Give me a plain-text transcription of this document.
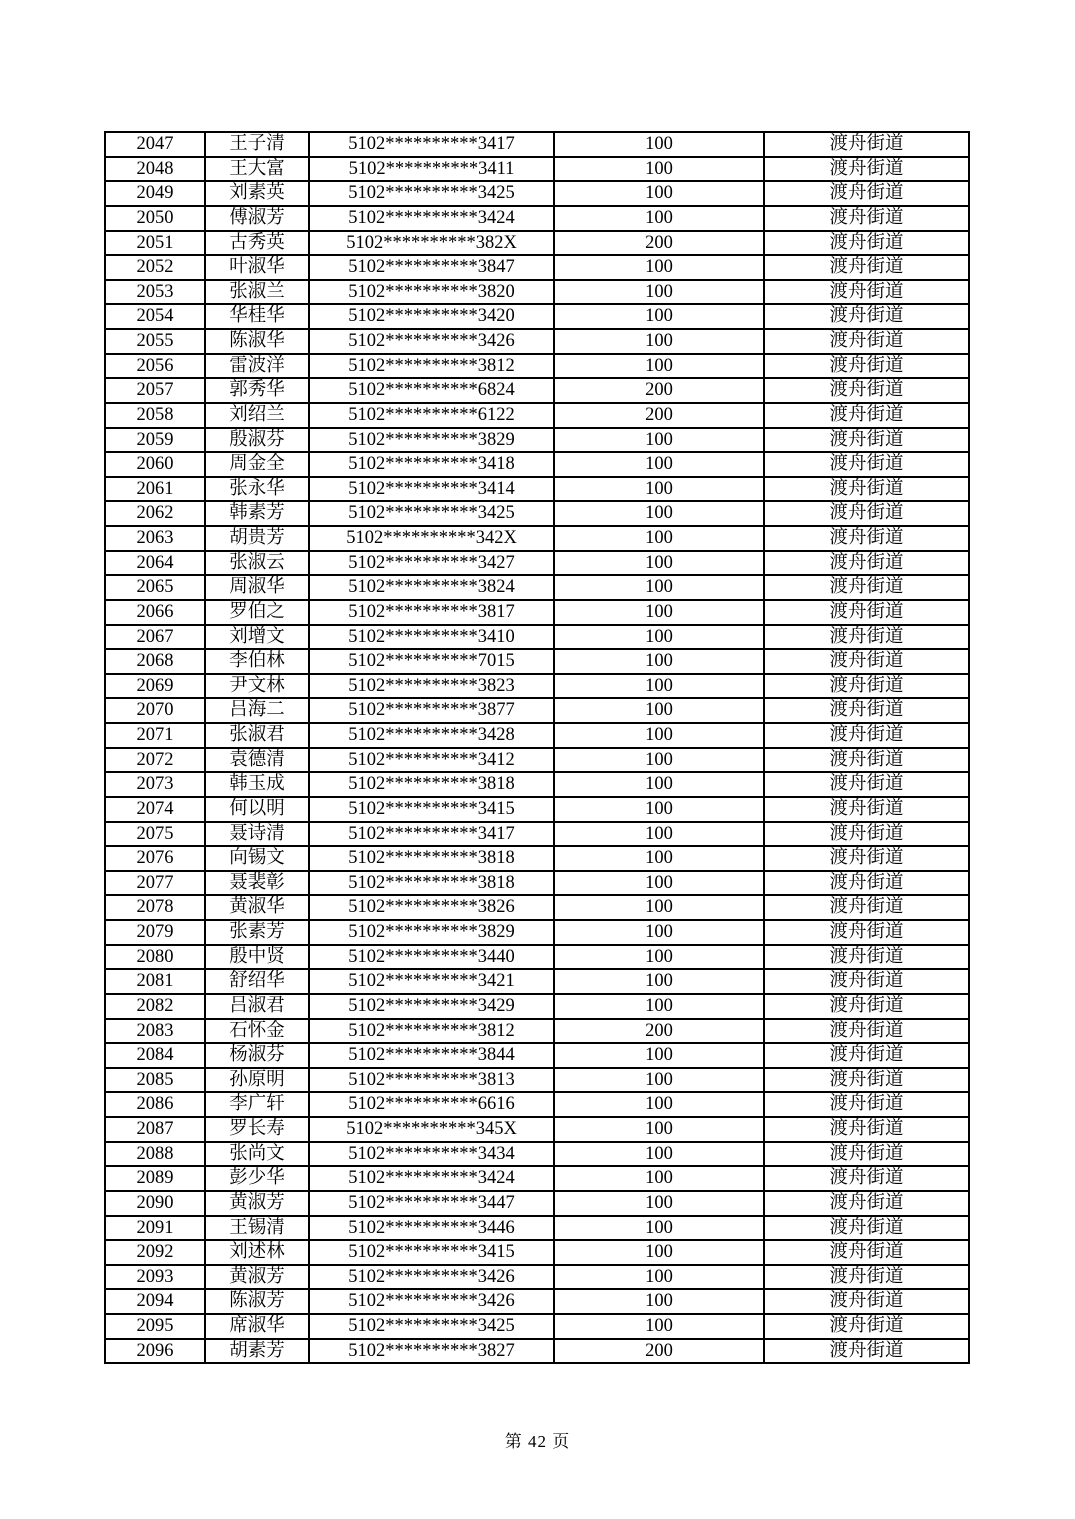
2047	王子清	5102**********3417	100	渡舟街道
2048	王大富	5102**********3411	100	渡舟街道
2049	刘素英	5102**********3425	100	渡舟街道
2050	傅淑芳	5102**********3424	100	渡舟街道
2051	古秀英	5102**********382X	200	渡舟街道
2052	叶淑华	5102**********3847	100	渡舟街道
2053	张淑兰	5102**********3820	100	渡舟街道
2054	华桂华	5102**********3420	100	渡舟街道
2055	陈淑华	5102**********3426	100	渡舟街道
2056	雷波洋	5102**********3812	100	渡舟街道
2057	郭秀华	5102**********6824	200	渡舟街道
2058	刘绍兰	5102**********6122	200	渡舟街道
2059	殷淑芬	5102**********3829	100	渡舟街道
2060	周金全	5102**********3418	100	渡舟街道
2061	张永华	5102**********3414	100	渡舟街道
2062	韩素芳	5102**********3425	100	渡舟街道
2063	胡贵芳	5102**********342X	100	渡舟街道
2064	张淑云	5102**********3427	100	渡舟街道
2065	周淑华	5102**********3824	100	渡舟街道
2066	罗伯之	5102**********3817	100	渡舟街道
2067	刘增文	5102**********3410	100	渡舟街道
2068	李伯林	5102**********7015	100	渡舟街道
2069	尹文林	5102**********3823	100	渡舟街道
2070	吕海二	5102**********3877	100	渡舟街道
2071	张淑君	5102**********3428	100	渡舟街道
2072	袁德清	5102**********3412	100	渡舟街道
2073	韩玉成	5102**********3818	100	渡舟街道
2074	何以明	5102**********3415	100	渡舟街道
2075	聂诗清	5102**********3417	100	渡舟街道
2076	向锡文	5102**********3818	100	渡舟街道
2077	聂裴彰	5102**********3818	100	渡舟街道
2078	黄淑华	5102**********3826	100	渡舟街道
2079	张素芳	5102**********3829	100	渡舟街道
2080	殷中贤	5102**********3440	100	渡舟街道
2081	舒绍华	5102**********3421	100	渡舟街道
2082	吕淑君	5102**********3429	100	渡舟街道
2083	石怀金	5102**********3812	200	渡舟街道
2084	杨淑芬	5102**********3844	100	渡舟街道
2085	孙原明	5102**********3813	100	渡舟街道
2086	李广轩	5102**********6616	100	渡舟街道
2087	罗长寿	5102**********345X	100	渡舟街道
2088	张尚文	5102**********3434	100	渡舟街道
2089	彭少华	5102**********3424	100	渡舟街道
2090	黄淑芳	5102**********3447	100	渡舟街道
2091	王锡清	5102**********3446	100	渡舟街道
2092	刘述林	5102**********3415	100	渡舟街道
2093	黄淑芳	5102**********3426	100	渡舟街道
2094	陈淑芳	5102**********3426	100	渡舟街道
2095	席淑华	5102**********3425	100	渡舟街道
2096	胡素芳	5102**********3827	200	渡舟街道
第 42 页
